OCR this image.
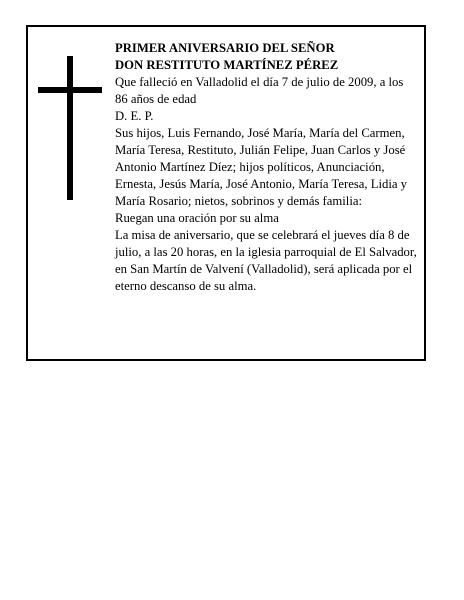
PRIMER ANIVERSARIO DEL SEÑOR

DON RESTITUTO MARTÍNEZ PÉREZ

Que falleció en Valladolid el día 7 de julio de 2009, a los 86 años de edad

D. E. P.

Sus hijos, Luis Fernando, José María, María del Carmen, María Teresa, Restituto, Julián Felipe, Juan Carlos y José Antonio Martínez Díez; hijos políticos, Anunciación, Ernesta, Jesús María, José Antonio, María Teresa, Lidia y María Rosario; nietos, sobrinos y demás familia:

Ruegan una oración por su alma

La misa de aniversario, que se celebrará el jueves día 8 de julio, a las 20 horas, en la iglesia parroquial de El Salvador, en San Martín de Valvení (Valladolid), será aplicada por el eterno descanso de su alma.
